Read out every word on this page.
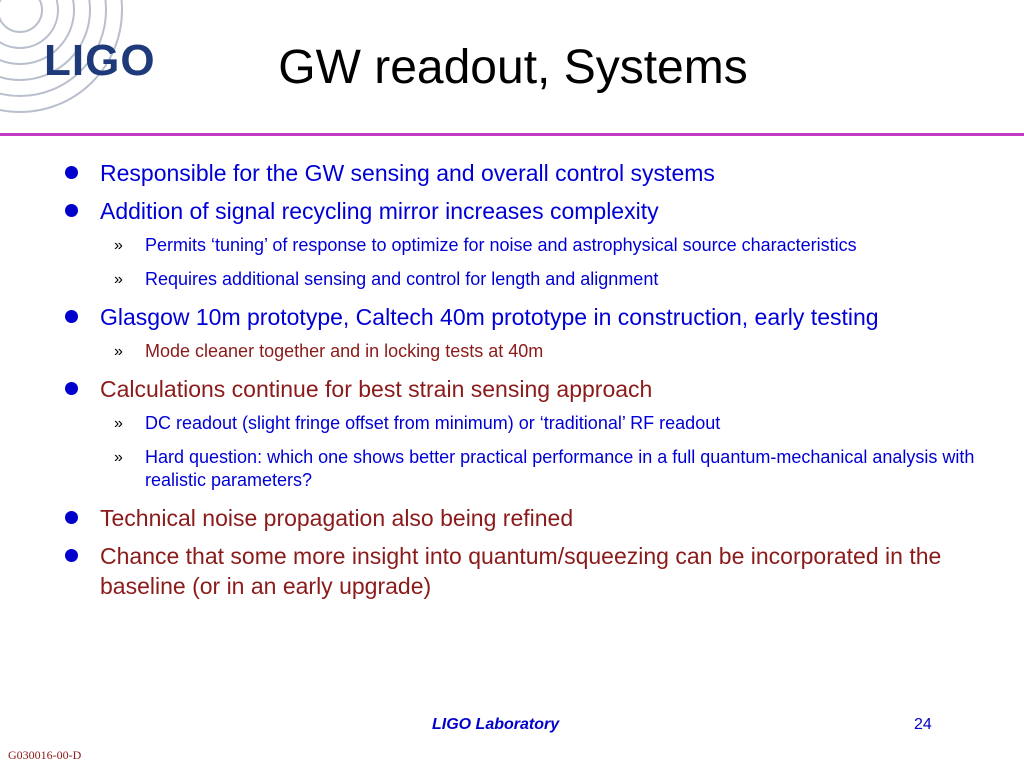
LIGO	GW readout, Systems
Responsible for the GW sensing and overall control systems
Addition of signal recycling mirror increases complexity
» Permits ‘tuning’ of response to optimize for noise and astrophysical source characteristics
» Requires additional sensing and control for length and alignment
Glasgow 10m prototype, Caltech 40m prototype in construction, early testing
» Mode cleaner together and in locking tests at 40m
Calculations continue for best strain sensing approach
» DC readout (slight fringe offset from minimum) or ‘traditional’ RF readout
» Hard question: which one shows better practical performance in a full quantum-mechanical analysis with realistic parameters?
Technical noise propagation also being refined
Chance that some more insight into quantum/squeezing can be incorporated in the baseline (or in an early upgrade)
LIGO Laboratory	24
G030016-00-D
